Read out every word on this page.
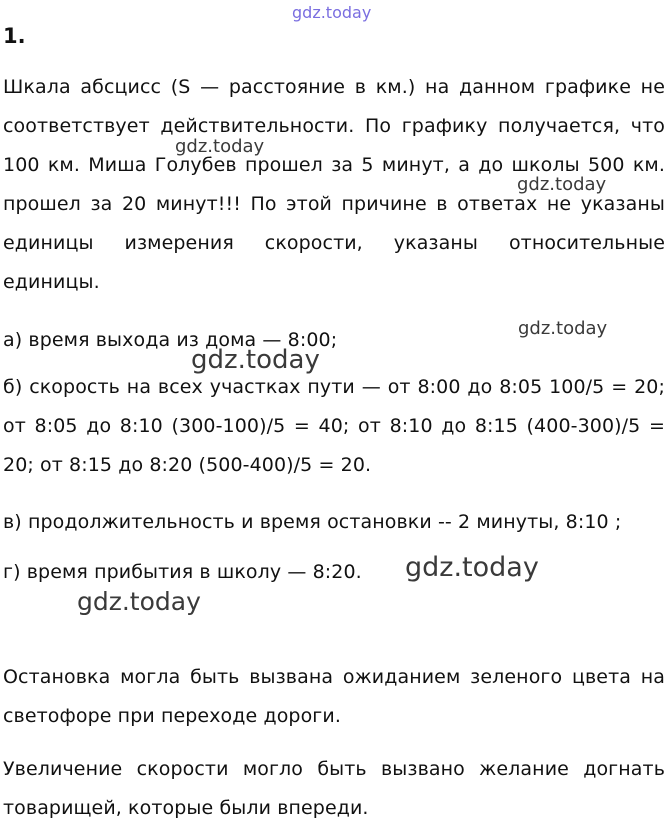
gdz.today
gdz.today
gdz.today
gdz.today
gdz.today
gdz.today
gdz.today
1.

Шкала абсцисс (S — расстояние в км.) на данном графике не соответствует действительности. По графику получается, что 100 км. Миша Голубев прошел за 5 минут, а до школы 500 км. прошел за 20 минут!!! По этой причине в ответах не указаны единицы измерения скорости, указаны относительные единицы.

а) время выхода из дома — 8:00;

б) скорость на всех участках пути — от 8:00 до 8:05 100/5 = 20; от 8:05 до 8:10 (300-100)/5 = 40; от 8:10 до 8:15 (400-300)/5 = 20; от 8:15 до 8:20 (500-400)/5 = 20.

в) продолжительность и время остановки -- 2 минуты, 8:10 ;

г) время прибытия в школу — 8:20.

Остановка могла быть вызвана ожиданием зеленого цвета на светофоре при переходе дороги.

Увеличение скорости могло быть вызвано желание догнать товарищей, которые были впереди.
